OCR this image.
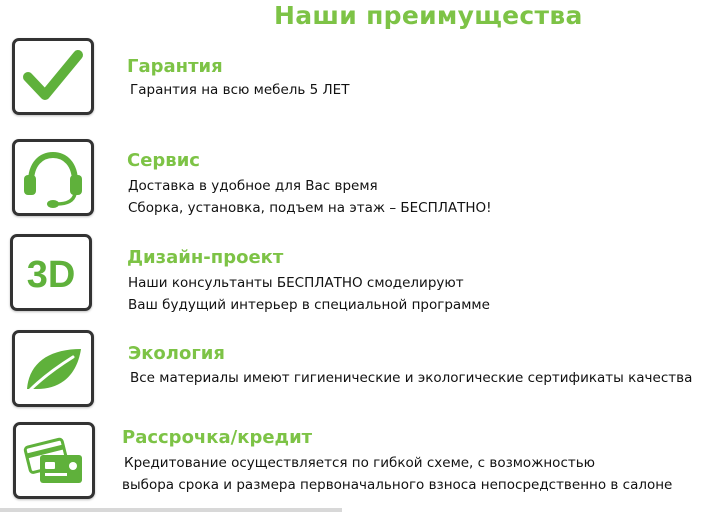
Наши преимущества
Гарантия
Гарантия на всю мебель 5 ЛЕТ
Сервис
Доставка в удобное для Вас время
Сборка, установка, подъем на этаж – БЕСПЛАТНО!
3D	Дизайн-проект
Наши консультанты БЕСПЛАТНО смоделируют
Ваш будущий интерьер в специальной программе
Экология
Все материалы имеют гигиенические и экологические сертификаты качества
Рассрочка/кредит
Кредитование осуществляется по гибкой схеме, с возможностью
выбора срока и размера первоначального взноса непосредственно в салоне
